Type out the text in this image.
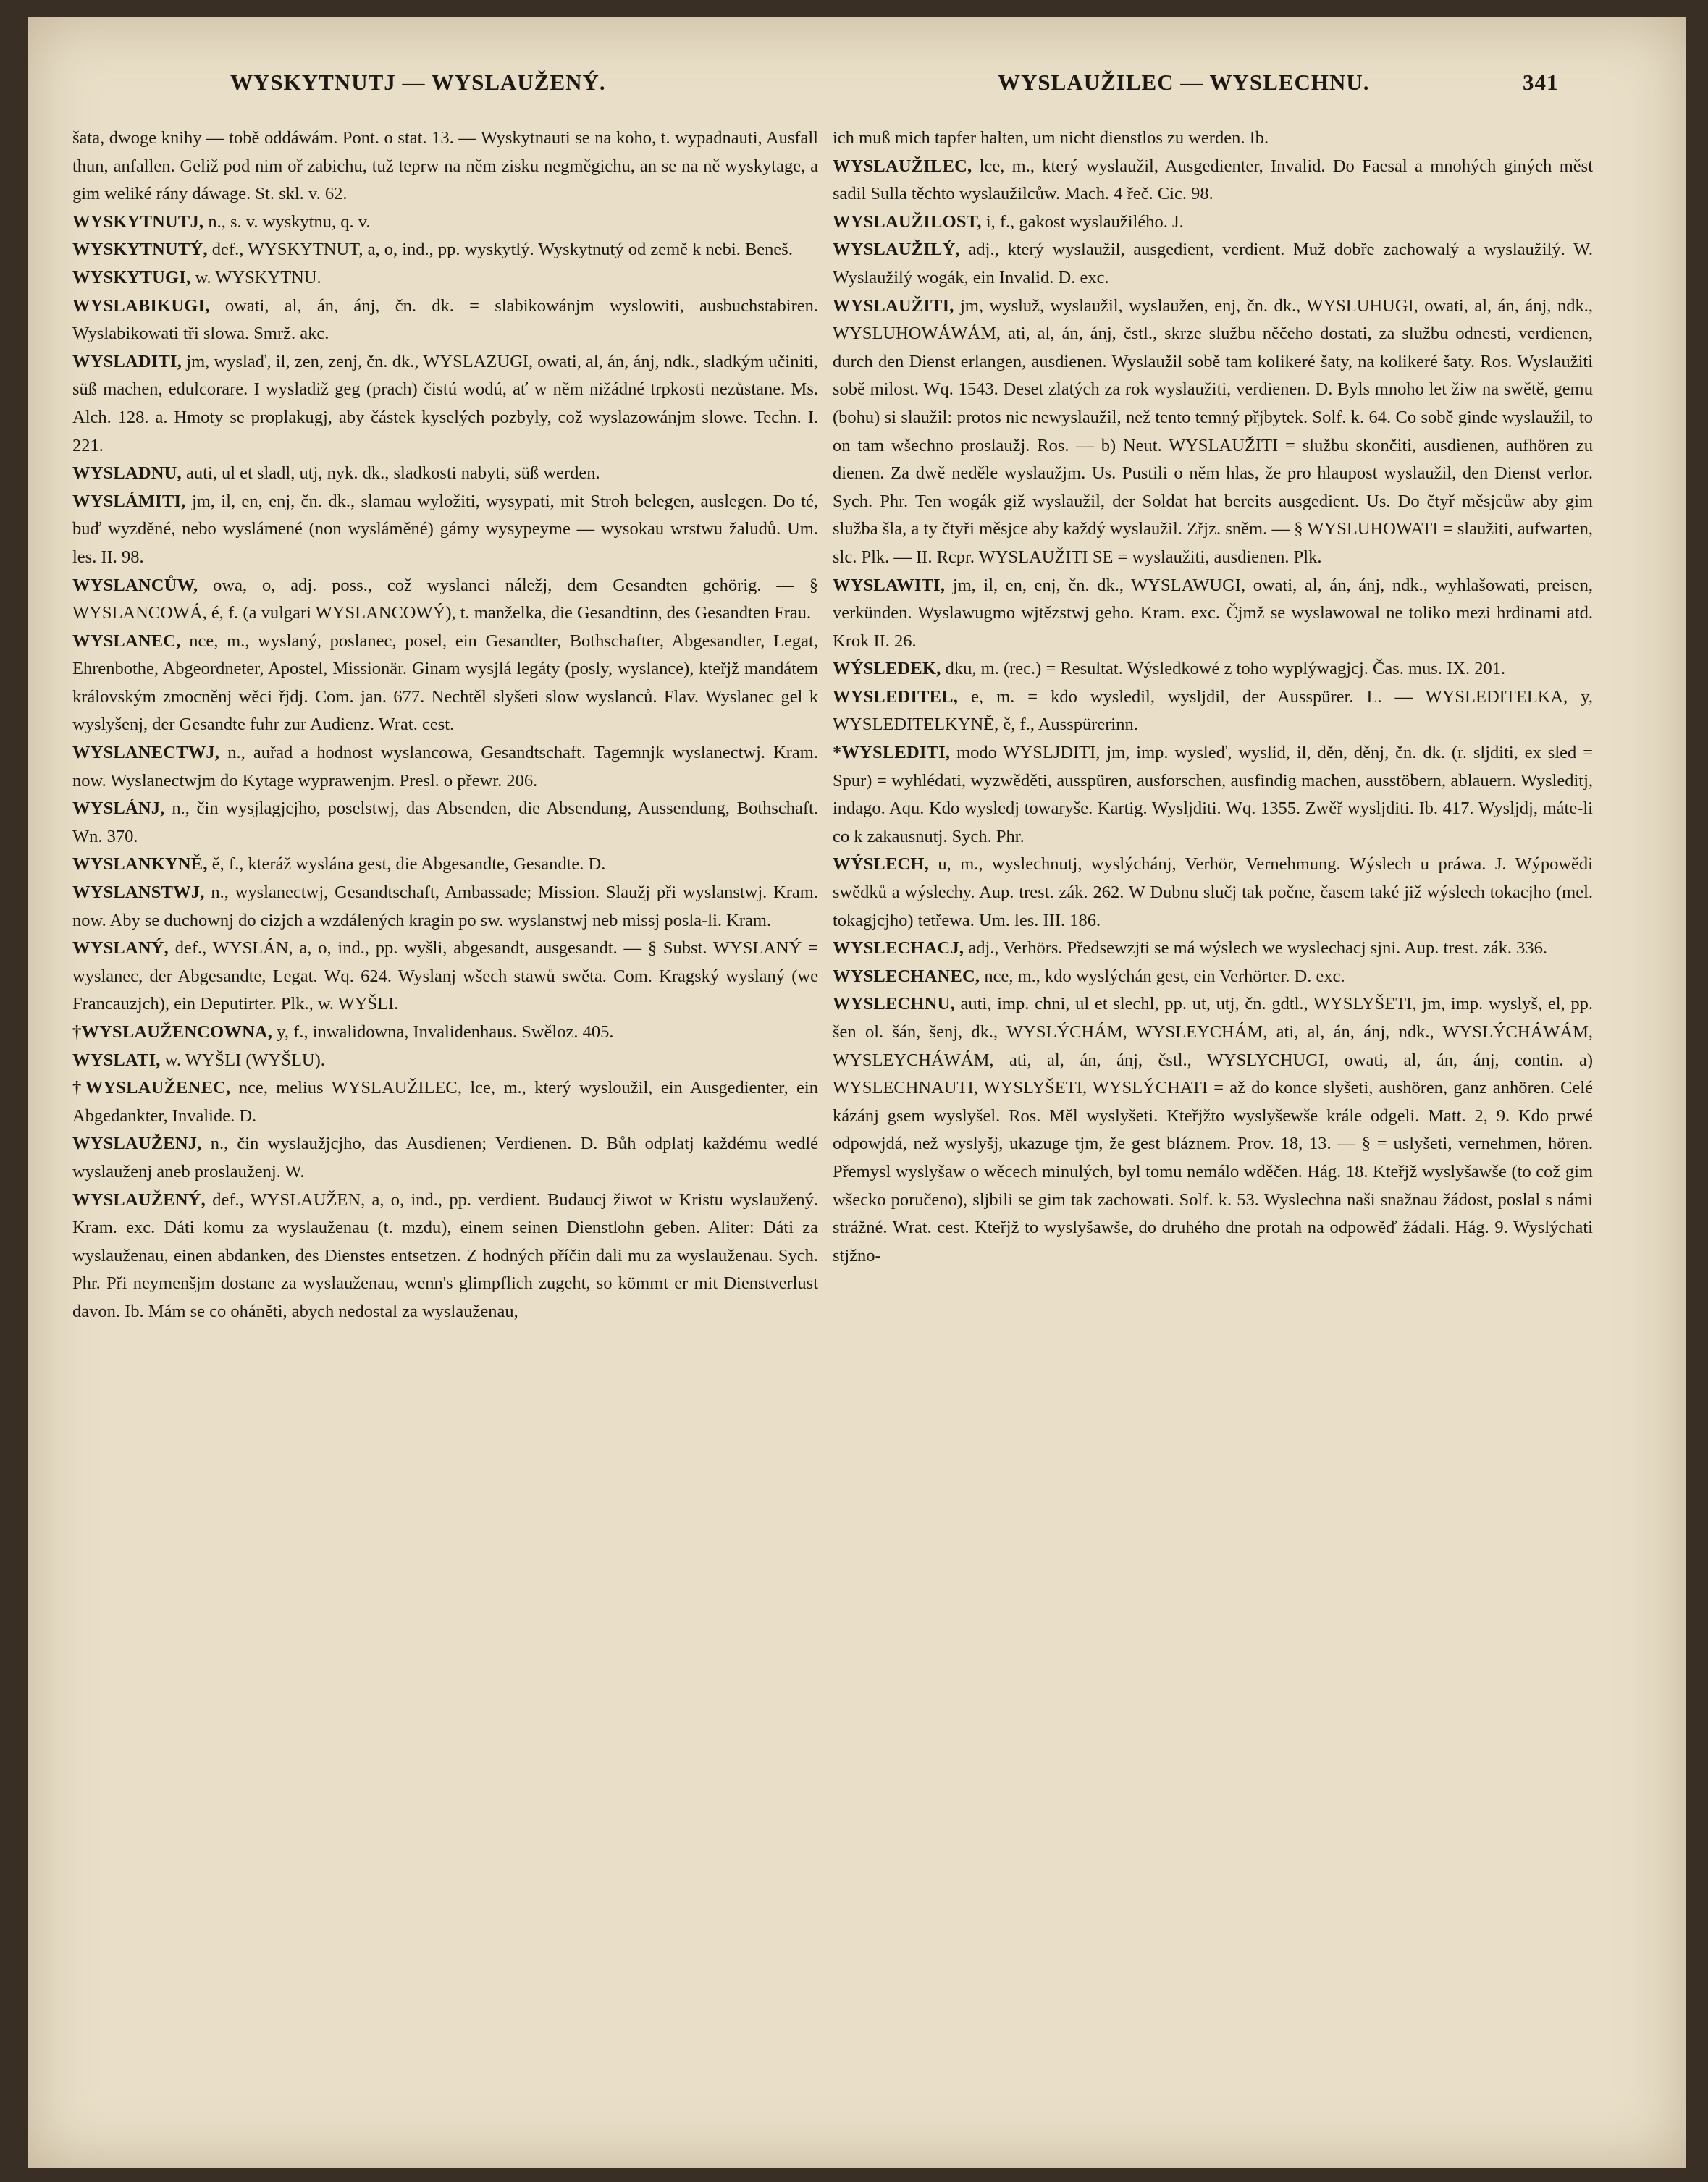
WYSKYTNUTJ — WYSLAUŽENÝ.	WYSLAUŽILEC — WYSLECHNU.	341

šata, dwoge knihy — tobě oddáwám. Pont. o stat. 13. — Wyskytnauti se na koho, t. wypadnauti, Ausfall thun, anfallen. Geliž pod nim oř zabichu, tuž teprw na něm zisku negměgichu, an se na ně wyskytage, a gim weliké rány dáwage. St. skl. v. 62.

WYSKYTNUTJ, n., s. v. wyskytnu, q. v.

WYSKYTNUTÝ, def., WYSKYTNUT, a, o, ind., pp. wyskytlý. Wyskytnutý od země k nebi. Beneš.

WYSKYTUGI, w. WYSKYTNU.

WYSLABIKUGI, owati, al, án, ánj, čn. dk. = slabikowánjm wyslowiti, ausbuchstabiren. Wyslabikowati tři slowa. Smrž. akc.

WYSLADITI, jm, wyslaď, il, zen, zenj, čn. dk., WYSLAZUGI, owati, al, án, ánj, ndk., sladkým učiniti, süß machen, edulcorare. I wysladiž geg (prach) čistú wodú, ať w něm nižádné trpkosti nezůstane. Ms. Alch. 128. a. Hmoty se proplakugj, aby částek kyselých pozbyly, což wyslazowánjm slowe. Techn. I. 221.

WYSLADNU, auti, ul et sladl, utj, nyk. dk., sladkosti nabyti, süß werden.

WYSLÁMITI, jm, il, en, enj, čn. dk., slamau wyložiti, wysypati, mit Stroh belegen, auslegen. Do té, buď wyzděné, nebo wyslámené (non wysláměné) gámy wysypeyme — wysokau wrstwu žaludů. Um. les. II. 98.

WYSLANCŮW, owa, o, adj. poss., což wyslanci náležj, dem Gesandten gehörig. — § WYSLANCOWÁ, é, f. (a vulgari WYSLANCOWÝ), t. manželka, die Gesandtinn, des Gesandten Frau.

WYSLANEC, nce, m., wyslaný, poslanec, posel, ein Gesandter, Bothschafter, Abgesandter, Legat, Ehrenbothe, Abgeordneter, Apostel, Missionär. Ginam wysjlá legáty (posly, wyslance), kteřjž mandátem královským zmocněnj wěci řjdj. Com. jan. 677. Nechtěl slyšeti slow wyslanců. Flav. Wyslanec gel k wyslyšenj, der Gesandte fuhr zur Audienz. Wrat. cest.

WYSLANECTWJ, n., auřad a hodnost wyslancowa, Gesandtschaft. Tagemnjk wyslanectwj. Kram. now. Wyslanectwjm do Kytage wyprawenjm. Presl. o přewr. 206.

WYSLÁNJ, n., čin wysjlagjcjho, poselstwj, das Absenden, die Absendung, Aussendung, Bothschaft. Wn. 370.

WYSLANKYNĚ, ě, f., kteráž wyslána gest, die Abgesandte, Gesandte. D.

WYSLANSTWJ, n., wyslanectwj, Gesandtschaft, Ambassade; Mission. Slaužj při wyslanstwj. Kram. now. Aby se duchownj do cizjch a wzdálených kragin po sw. wyslanstwj neb missj posla-li. Kram.

WYSLANÝ, def., WYSLÁN, a, o, ind., pp. wyšli, abgesandt, ausgesandt. — § Subst. WYSLANÝ = wyslanec, der Abgesandte, Legat. Wq. 624. Wyslanj wšech stawů swěta. Com. Kragský wyslaný (we Francauzjch), ein Deputirter. Plk., w. WYŠLI.

†WYSLAUŽENCOWNA, y, f., inwalidowna, Invalidenhaus. Swěloz. 405.

WYSLATI, w. WYŠLI (WYŠLU).

†WYSLAUŽENEC, nce, melius WYSLAUŽILEC, lce, m., který wysloužil, ein Ausgedienter, ein Abgedankter, Invalide. D.

WYSLAUŽENJ, n., čin wyslaužjcjho, das Ausdienen; Verdienen. D. Bůh odplatj každému wedlé wyslauženj aneb proslauženj. W.

WYSLAUŽENÝ, def., WYSLAUŽEN, a, o, ind., pp. verdient. Budaucj žiwot w Kristu wyslaužený. Kram. exc. Dáti komu za wyslauženau (t. mzdu), einem seinen Dienstlohn geben. Aliter: Dáti za wyslauženau, einen abdanken, des Dienstes entsetzen. Z hodných příčin dali mu za wyslauženau. Sych. Phr. Při neymenšjm dostane za wyslauženau, wenn's glimpflich zugeht, so kömmt er mit Dienstverlust davon. Ib. Mám se co oháněti, abych nedostal za wyslauženau,

ich muß mich tapfer halten, um nicht dienstlos zu werden. Ib.

WYSLAUŽILEC, lce, m., který wyslaužil, Ausgedienter, Invalid. Do Faesal a mnohých giných měst sadil Sulla těchto wyslaužilcůw. Mach. 4 řeč. Cic. 98.

WYSLAUŽILOST, i, f., gakost wyslaužilého. J.

WYSLAUŽILÝ, adj., který wyslaužil, ausgedient, verdient. Muž dobře zachowalý a wyslaužilý. W. Wyslaužilý wogák, ein Invalid. D. exc.

WYSLAUŽITI, jm, wysluž, wyslaužil, wyslaužen, enj, čn. dk., WYSLUHUGI, owati, al, án, ánj, ndk., WYSLUHOWÁWÁM, ati, al, án, ánj, čstl., skrze službu něčeho dostati, za službu odnesti, verdienen, durch den Dienst erlangen, ausdienen. Wyslaužil sobě tam kolikeré šaty, na kolikeré šaty. Ros. Wyslaužiti sobě milost. Wq. 1543. Deset zlatých za rok wyslaužiti, verdienen. D. Byls mnoho let žiw na swětě, gemu (bohu) si slaužil: protos nic newyslaužil, než tento temný přjbytek. Solf. k. 64. Co sobě ginde wyslaužil, to on tam wšechno proslaužj. Ros. — b) Neut. WYSLAUŽITI = službu skončiti, ausdienen, aufhören zu dienen. Za dwě neděle wyslaužjm. Us. Pustili o něm hlas, že pro hlaupost wyslaužil, den Dienst verlor. Sych. Phr. Ten wogák giž wyslaužil, der Soldat hat bereits ausgedient. Us. Do čtyř měsjcůw aby gim služba šla, a ty čtyři měsjce aby každý wyslaužil. Zřjz. sněm. — § WYSLUHOWATI = slaužiti, aufwarten, slc. Plk. — II. Rcpr. WYSLAUŽITI SE = wyslaužiti, ausdienen. Plk.

WYSLAWITI, jm, il, en, enj, čn. dk., WYSLAWUGI, owati, al, án, ánj, ndk., wyhlašowati, preisen, verkünden. Wyslawugmo wjtězstwj geho. Kram. exc. Čjmž se wyslawowal ne toliko mezi hrdinami atd. Krok II. 26.

WÝSLEDEK, dku, m. (rec.) = Resultat. Wýsledkowé z toho wyplýwagjcj. Čas. mus. IX. 201.

WYSLEDITEL, e, m. = kdo wysledil, wysljdil, der Ausspürer. L. — WYSLEDITELKA, y, WYSLEDITELKYNĚ, ě, f., Ausspürerinn.

*WYSLEDITI, modo WYSLJDITI, jm, imp. wysleď, wyslid, il, děn, děnj, čn. dk. (r. sljditi, ex sled = Spur) = wyhlédati, wyzwěděti, ausspüren, ausforschen, ausfindig machen, ausstöbern, ablauern. Wysleditj, indago. Aqu. Kdo wysledj towaryše. Kartig. Wysljditi. Wq. 1355. Zwěř wysljditi. Ib. 417. Wysljdj, máte-li co k zakausnutj. Sych. Phr.

WÝSLECH, u, m., wyslechnutj, wyslýchánj, Verhör, Vernehmung. Wýslech u práwa. J. Wýpowědi swědků a wýslechy. Aup. trest. zák. 262. W Dubnu slučj tak počne, časem také již wýslech tokacjho (mel. tokagjcjho) tetřewa. Um. les. III. 186.

WYSLECHACJ, adj., Verhörs. Předsewzjti se má wýslech we wyslechacj sjni. Aup. trest. zák. 336.

WYSLECHANEC, nce, m., kdo wyslýchán gest, ein Verhörter. D. exc.

WYSLECHNU, auti, imp. chni, ul et slechl, pp. ut, utj, čn. gdtl., WYSLYŠETI, jm, imp. wyslyš, el, pp. šen ol. šán, šenj, dk., WYSLÝCHÁM, WYSLEYCHÁM, ati, al, án, ánj, ndk., WYSLÝCHÁWÁM, WYSLEYCHÁWÁM, ati, al, án, ánj, čstl., WYSLYCHUGI, owati, al, án, ánj, contin. a) WYSLECHNAUTI, WYSLYŠETI, WYSLÝCHATI = až do konce slyšeti, aushören, ganz anhören. Celé kázánj gsem wyslyšel. Ros. Měl wyslyšeti. Kteřjžto wyslyšewše krále odgeli. Matt. 2, 9. Kdo prwé odpowjdá, než wyslyšj, ukazuge tjm, že gest bláznem. Prov. 18, 13. — § = uslyšeti, vernehmen, hören. Přemysl wyslyšaw o wěcech minulých, byl tomu nemálo wděčen. Hág. 18. Kteřjž wyslyšawše (to což gim wšecko poručeno), sljbili se gim tak zachowati. Solf. k. 53. Wyslechna naši snažnau žádost, poslal s námi strážné. Wrat. cest. Kteřjž to wyslyšawše, do druhého dne protah na odpowěď žádali. Hág. 9. Wyslýchati stjžno-
